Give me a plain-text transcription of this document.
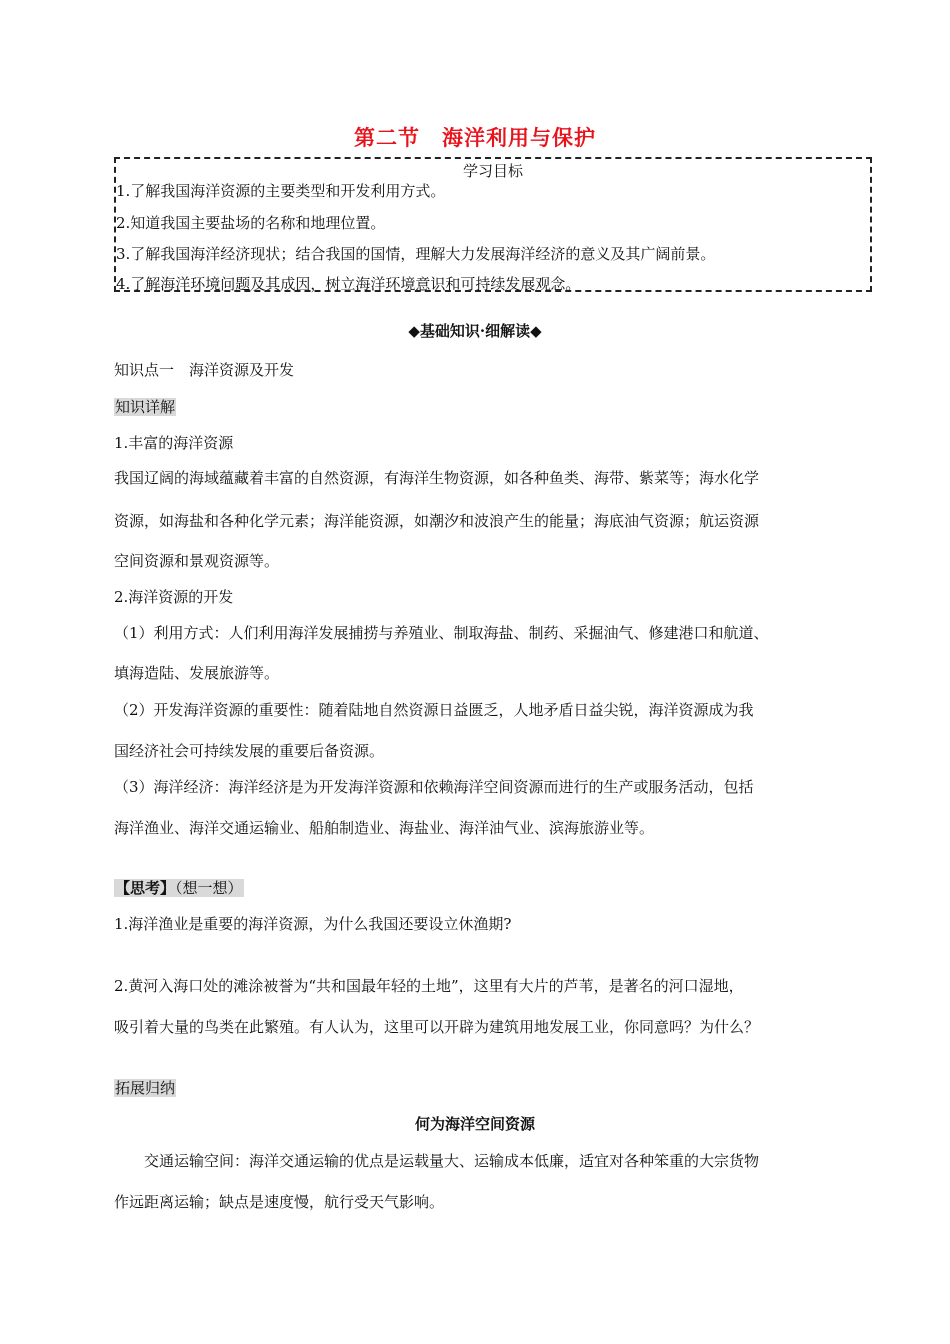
第二节　海洋利用与保护
学习目标
1.了解我国海洋资源的主要类型和开发利用方式。
2.知道我国主要盐场的名称和地理位置。
3.了解我国海洋经济现状；结合我国的国情，理解大力发展海洋经济的意义及其广阔前景。
4.了解海洋环境问题及其成因，树立海洋环境意识和可持续发展观念。
◆基础知识·细解读◆
知识点一　海洋资源及开发
知识详解
1.丰富的海洋资源
我国辽阔的海域蕴藏着丰富的自然资源，有海洋生物资源，如各种鱼类、海带、紫菜等；海水化学
资源，如海盐和各种化学元素；海洋能资源，如潮汐和波浪产生的能量；海底油气资源；航运资源
空间资源和景观资源等。
2.海洋资源的开发
（1）利用方式：人们利用海洋发展捕捞与养殖业、制取海盐、制药、采掘油气、修建港口和航道、
填海造陆、发展旅游等。
（2）开发海洋资源的重要性：随着陆地自然资源日益匮乏，人地矛盾日益尖锐，海洋资源成为我
国经济社会可持续发展的重要后备资源。
（3）海洋经济：海洋经济是为开发海洋资源和依赖海洋空间资源而进行的生产或服务活动，包括
海洋渔业、海洋交通运输业、船舶制造业、海盐业、海洋油气业、滨海旅游业等。
【思考】（想一想）
1.海洋渔业是重要的海洋资源，为什么我国还要设立休渔期?
2.黄河入海口处的滩涂被誉为“共和国最年轻的土地”，这里有大片的芦苇，是著名的河口湿地，
吸引着大量的鸟类在此繁殖。有人认为，这里可以开辟为建筑用地发展工业，你同意吗？为什么？
拓展归纳
何为海洋空间资源
交通运输空间：海洋交通运输的优点是运载量大、运输成本低廉，适宜对各种笨重的大宗货物
作远距离运输；缺点是速度慢，航行受天气影响。
